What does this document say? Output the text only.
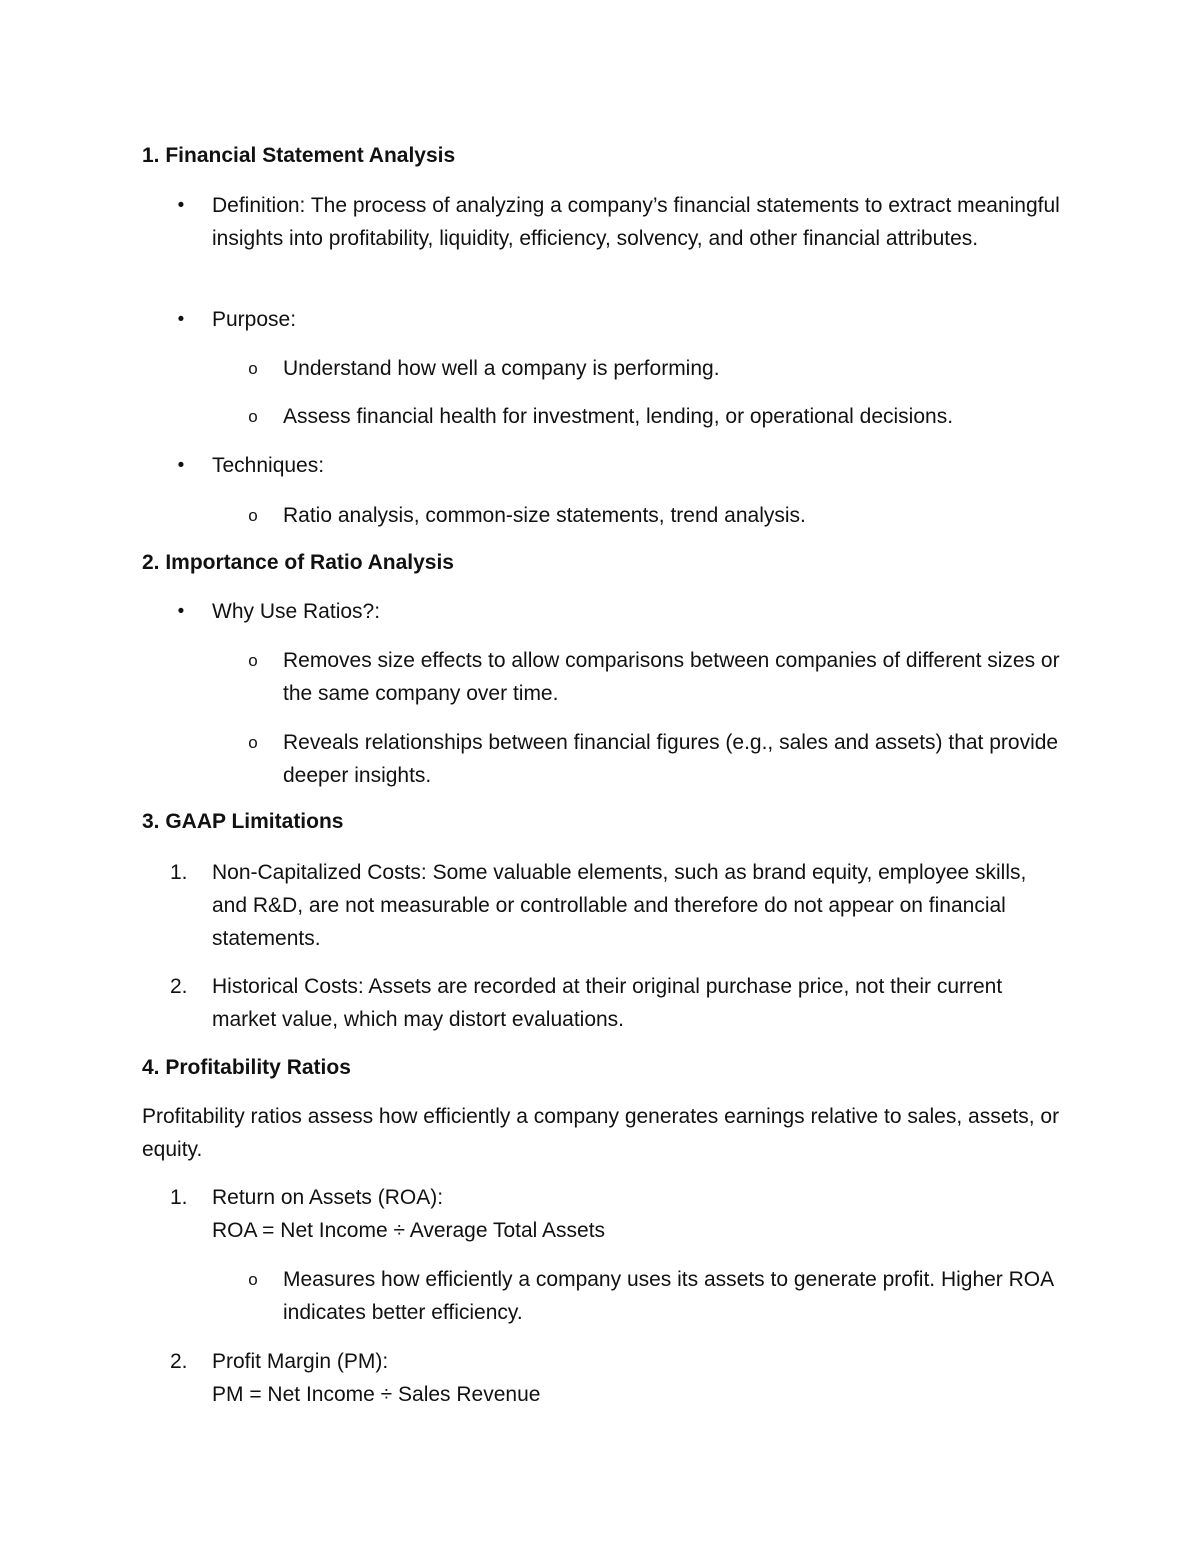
1. Financial Statement Analysis
• Definition: The process of analyzing a company’s financial statements to extract meaningful insights into profitability, liquidity, efficiency, solvency, and other financial attributes.
• Purpose:
o Understand how well a company is performing.
o Assess financial health for investment, lending, or operational decisions.
• Techniques:
o Ratio analysis, common-size statements, trend analysis.
2. Importance of Ratio Analysis
• Why Use Ratios?:
o Removes size effects to allow comparisons between companies of different sizes or the same company over time.
o Reveals relationships between financial figures (e.g., sales and assets) that provide deeper insights.
3. GAAP Limitations
1.	Non-Capitalized Costs: Some valuable elements, such as brand equity, employee skills, and R&D, are not measurable or controllable and therefore do not appear on financial statements.
2.	Historical Costs: Assets are recorded at their original purchase price, not their current market value, which may distort evaluations.
4. Profitability Ratios
Profitability ratios assess how efficiently a company generates earnings relative to sales, assets, or equity.
1.	Return on Assets (ROA):
ROA = Net Income ÷ Average Total Assets
o Measures how efficiently a company uses its assets to generate profit. Higher ROA indicates better efficiency.
2.	Profit Margin (PM):
PM = Net Income ÷ Sales Revenue
